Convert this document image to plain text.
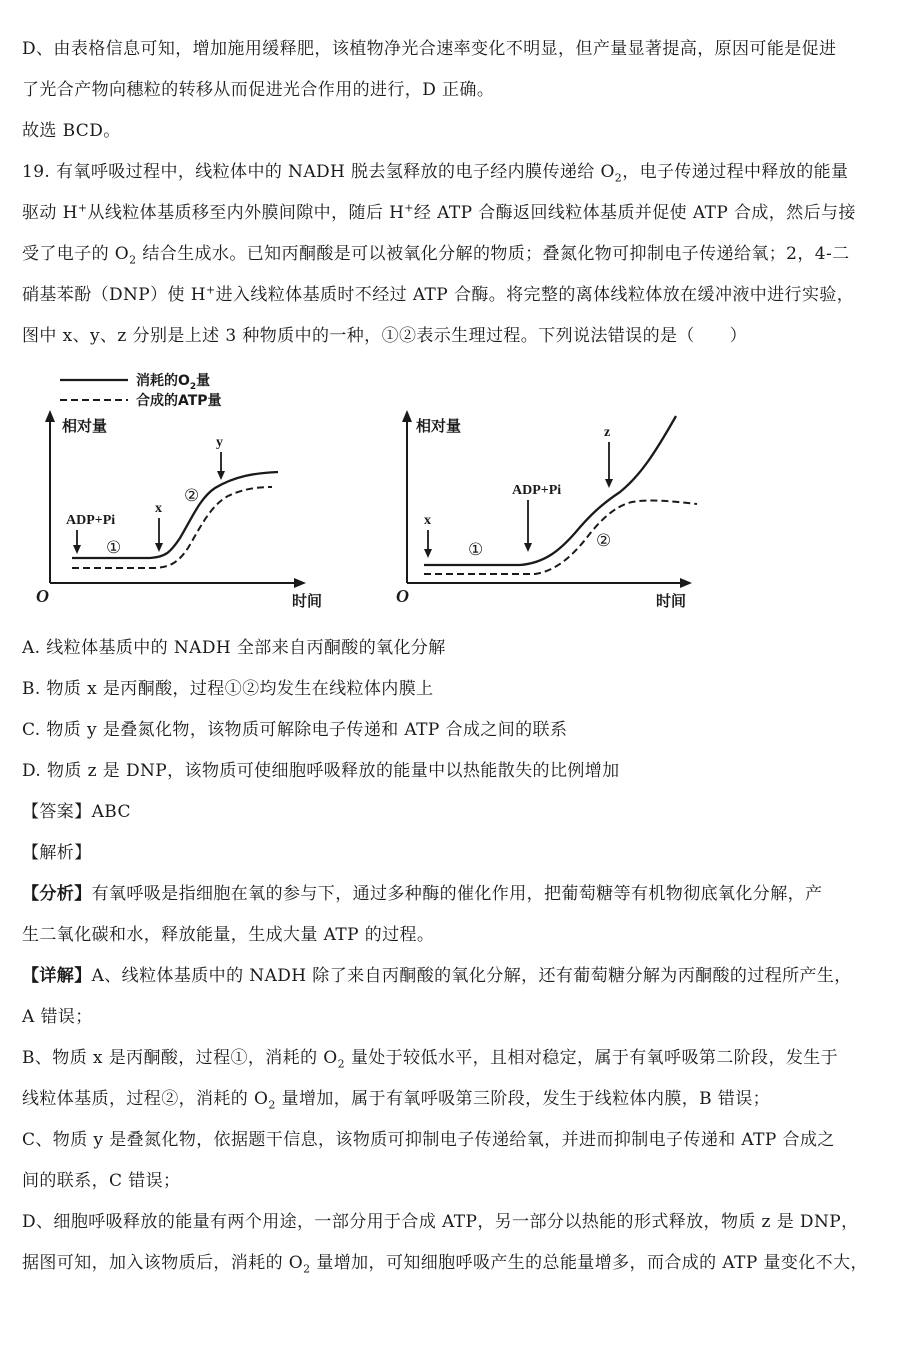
D、由表格信息可知，增加施用缓释肥，该植物净光合速率变化不明显，但产量显著提高，原因可能是促进
了光合产物向穗粒的转移从而促进光合作用的进行，D 正确。
故选 BCD。
19. 有氧呼吸过程中，线粒体中的 NADH 脱去氢释放的电子经内膜传递给 $O_2$，电子传递过程中释放的能量
驱动 H+从线粒体基质移至内外膜间隙中，随后 H+经 ATP 合酶返回线粒体基质并促使 ATP 合成，然后与接
受了电子的 $O_2$ 结合生成水。已知丙酮酸是可以被氧化分解的物质；叠氮化物可抑制电子传递给氧；2，4-二
硝基苯酚（DNP）使 H+进入线粒体基质时不经过 ATP 合酶。将完整的离体线粒体放在缓冲液中进行实验，
图中 x、y、z 分别是上述 3 种物质中的一种，①②表示生理过程。下列说法错误的是（　　）
消耗的$O_2$量
合成的ATP量
相对量
时间
O
ADP+Pi
x
y
①
②
相对量
时间
O
x
ADP+Pi
z
①	②
A. 线粒体基质中的 NADH 全部来自丙酮酸的氧化分解
B. 物质 x 是丙酮酸，过程①②均发生在线粒体内膜上
C. 物质 y 是叠氮化物，该物质可解除电子传递和 ATP 合成之间的联系
D. 物质 z 是 DNP，该物质可使细胞呼吸释放的能量中以热能散失的比例增加
【答案】ABC
【解析】
【分析】有氧呼吸是指细胞在氧的参与下，通过多种酶的催化作用，把葡萄糖等有机物彻底氧化分解，产
生二氧化碳和水，释放能量，生成大量 ATP 的过程。
【详解】A、线粒体基质中的 NADH 除了来自丙酮酸的氧化分解，还有葡萄糖分解为丙酮酸的过程所产生，
A 错误；
B、物质 x 是丙酮酸，过程①，消耗的 $O_2$ 量处于较低水平，且相对稳定，属于有氧呼吸第二阶段，发生于
线粒体基质，过程②，消耗的 $O_2$ 量增加，属于有氧呼吸第三阶段，发生于线粒体内膜，B 错误；
C、物质 y 是叠氮化物，依据题干信息，该物质可抑制电子传递给氧，并进而抑制电子传递和 ATP 合成之
间的联系，C 错误；
D、细胞呼吸释放的能量有两个用途，一部分用于合成 ATP，另一部分以热能的形式释放，物质 z 是 DNP，
据图可知，加入该物质后，消耗的 $O_2$ 量增加，可知细胞呼吸产生的总能量增多，而合成的 ATP 量变化不大，
